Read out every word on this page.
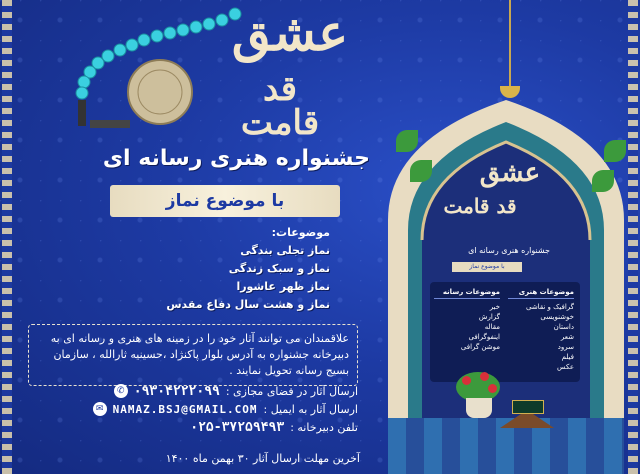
عشق
قد قامت
جشنواره هنری رسانه ای
با موضوع نماز
موضوعات:
نماز تجلی بندگی
نماز و سبک زندگی
نماز ظهر عاشورا
نماز و هشت سال دفاع مقدس
علاقمندان می توانند آثار خود را در زمینه های هنری و رسانه ای به دبیرخانه جشنواره به آدرس بلوار پاکنژاد ،حسینیه ثارالله ، سازمان بسیج رسانه تحویل نمایند .
ارسال آثار در فضای مجازی :
۰۹۳۰۴۲۲۲۰۹۹
✆
ارسال آثار به ایمیل :
NAMAZ.BSJ@GMAIL.COM
✉
تلفن دبیرخانه :
۰۲۵-۳۷۲۵۹۴۹۳
آخرین مهلت ارسال آثار ۳۰ بهمن ماه ۱۴۰۰
عشق
قد قامت
جشنواره هنری رسانه ای
با موضوع نماز
موضوعات هنری
گرافیک و نقاشی
خوشنویسی
داستان
شعر
سرود
فیلم
عکس
موضوعات رسانه
خبر
گزارش
مقاله
اینفوگرافی
موشن گرافی
